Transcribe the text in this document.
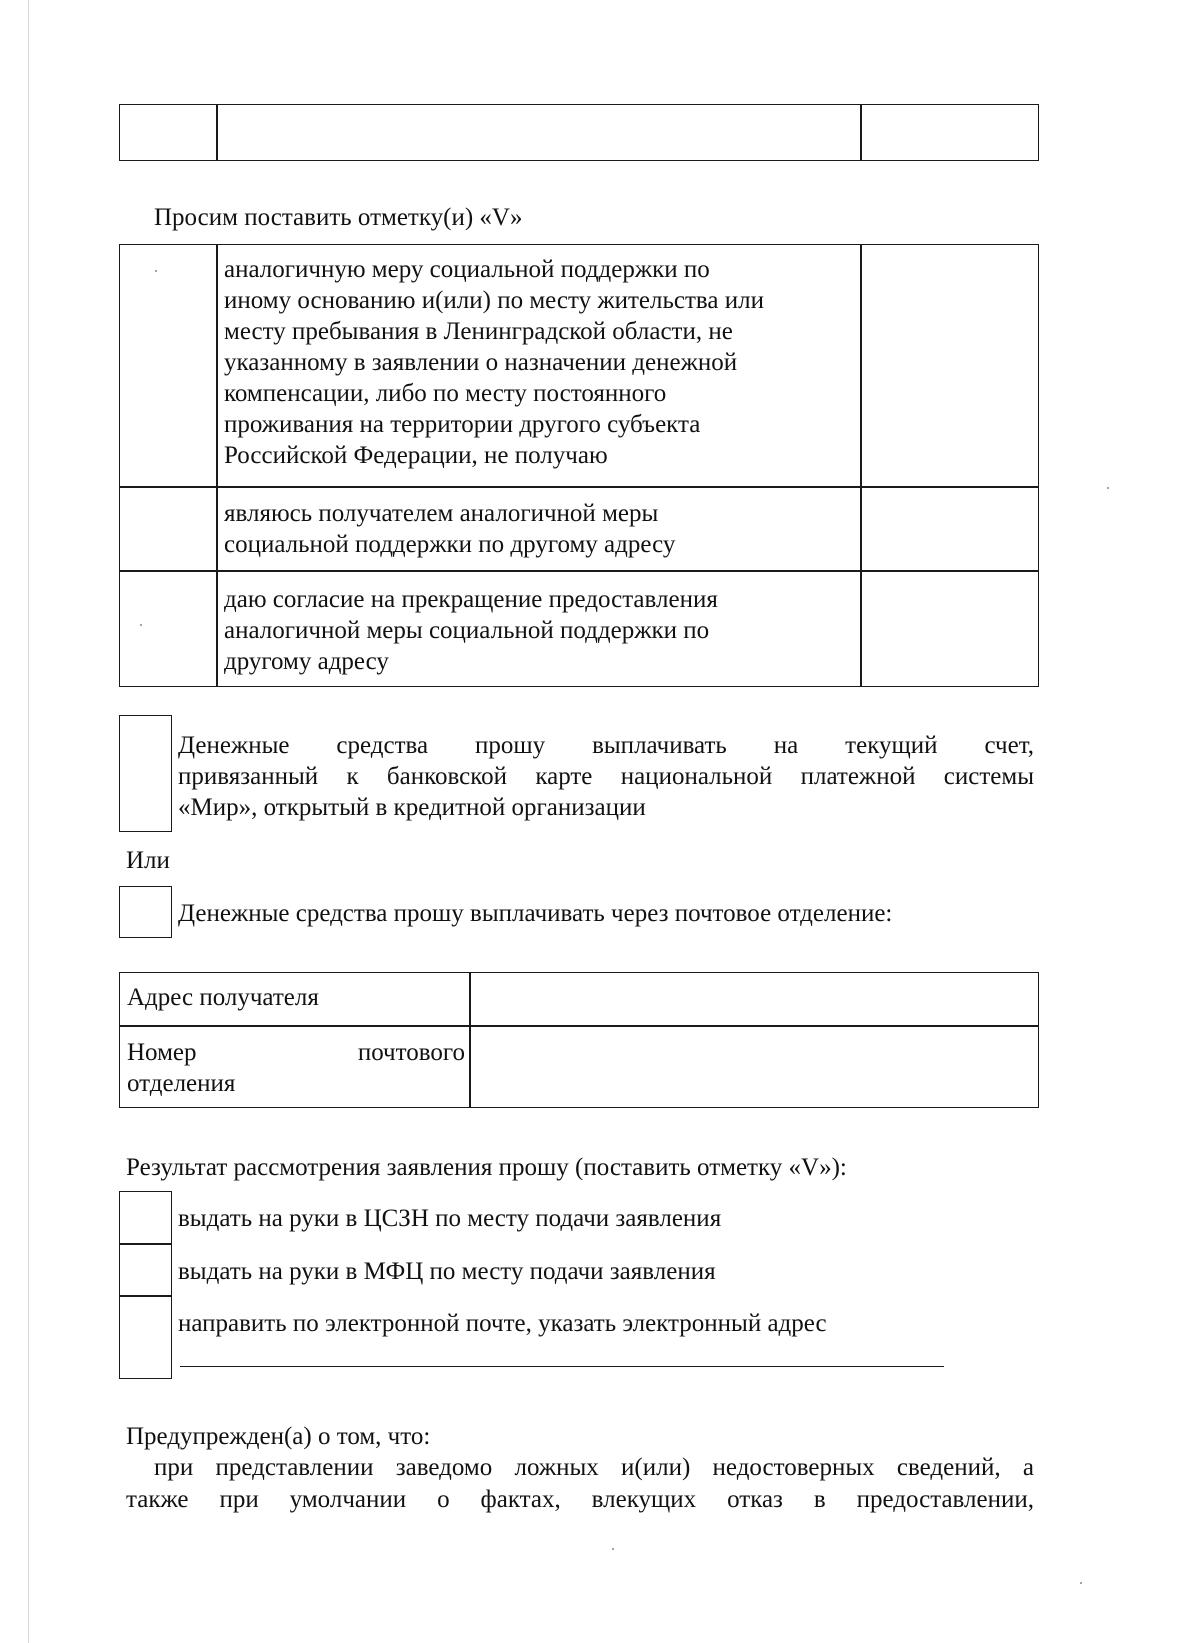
Просим поставить отметку(и) «V»
аналогичную меру социальной поддержки по
иному основанию и(или) по месту жительства или
месту пребывания в Ленинградской области, не
указанному в заявлении о назначении денежной
компенсации, либо по месту постоянного
проживания на территории другого субъекта
Российской Федерации, не получаю
являюсь получателем аналогичной меры
социальной поддержки по другому адресу
даю согласие на прекращение предоставления
аналогичной меры социальной поддержки по
другому адресу
Денежные средства прошу выплачивать на текущий счет,
привязанный к банковской карте национальной платежной системы
«Мир», открытый в кредитной организации
Или
Денежные средства прошу выплачивать через почтовое отделение:
Адрес получателя
Номер	почтового
отделения
Результат рассмотрения заявления прошу (поставить отметку «V»):
выдать на руки в ЦСЗН по месту подачи заявления
выдать на руки в МФЦ по месту подачи заявления
направить по электронной почте, указать электронный адрес
Предупрежден(а) о том, что:
при представлении заведомо ложных и(или) недостоверных сведений, а
также при умолчании о фактах, влекущих отказ в предоставлении,
